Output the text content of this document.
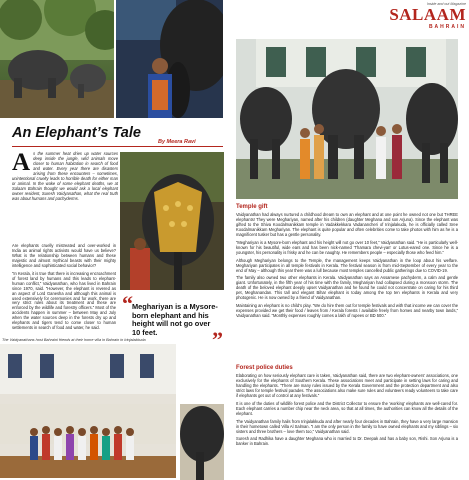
Inside and out Magazine
SALAAM
BAHRAIN
An Elephant’s Tale
By Meera Ravi
A s the summer heat dries up water sources deep inside the jungle, wild animals move closer to human habitation in search of food and water. Every year there are disasters arising from these encounters – sometimes, unintentional cruelty leads to horrible death for either man or animal. In the wake of some elephant deaths, we at Salaam Bahrain thought we would ask a local elephant owner resident, Suresh Vaidyanathan, what the real truth was about humans and pachyderms.

Are elephants cruelly mistreated and over-worked in India as animal rights activists would have us believe? What is the relationship between humans and these majestic and almost mythical beasts with their mighty intelligence and sophisticated social behavior?

“In Kerala, it is true that there is increasing encroachment of forest land by humans and this leads to elephant-human conflict,” Vaidyanathan, who has lived in Bahrain since 1970, said. “However, the elephant is revered as an aspect of Lord Ganesha and although this animal is used extensively for ceremonies and for work, there are very strict rules about its treatment and these are enforced by the wildlife and forestry officers.” Most of the accidents happen in summer – between May and July when the water sources deep in the forests dry up and elephants and tigers tend to come closer to human settlements in search of food and water, he said.

“ Meghariyan is a Mysore-born elephant and his height will not go over 10 feet.	”
The Vaidyanathans host Bahraini friends at their home villa in Bahrain in Irinjalakkuda
Temple gift

Vaidyanathan had always nurtured a childhood dream to own an elephant and at one point he owned not one but THREE elephants! They were Meghariyan, named after his children (daughter Meghana and son Arjuna). Since the elephant was gifted to the Shiva Koodalmanikkam temple in Vadakkekkara Vadanancheri of Irinjalakuda, he is officially called Sree Koodalmanikkam Meghariyan. The elephant is quite popular and often celebrities come to take photos with him as he is a magnificent tusker but has a gentle personality.

“Meghariyan is a Mysore-born elephant and his height will not go over 10 feet,” Vaidyanathan said. “He is particularly well-known for his beautiful, wide ears and has been nick-named ‘Thamara chevi-yan’ or Lotus-eared one. Since he is a youngster, his personality is frisky and he can be naughty. He remembers people – especially those who feed him.”

Although Meghariyan belongs to the Temple, the management keeps Vaidyanathan in the loop about his welfare. Meghariyan participates in all temple festivals in Kerala. The festival season is from mid-September of every year to the end of May – although this year there was a lull because most temples cancelled public gatherings due to COVID-19.

The family also owned two other elephants in Kerala. Vaidyanathan says an Assamese pachyderm, a calm and gentle giant. Unfortunately, in the fifth year of his time with the family, Meghariyan had collapsed during a monsoon storm. The death of the beloved elephant deeply upset Vaidyanathan and he found he could not concentrate on caring for his third pet, Meghanandan. This tall and elegant Bihar elephant is today among the top ten elephants in Kerala and very photogenic. He is now owned by a friend of Vaidyanathan.

Maintaining an elephant is no child’s play. “We do hire them out for temple festivals and with that income we can cover the expenses provided we get their food / leaves from / Kerala forests / available freely from homes and nearby town lands,” Vaidyanathan said. “Monthly expenses roughly comes a lakh of rupees or BD 500.”

Forest police duties

Elaborating on how seriously elephant care is taken, Vaidyanathan said, there are two elephant-owners’ associations, one exclusively for the elephants of Southern Kerala. These associations meet and participate in setting laws for caring and handling the elephants. “There are many rules issued by the Kerala Government and the protection department and also strict laws for temple festival parades. The associations also make sure rules and volunteers ready volunteers to take care if elephants get out of control at any festivals.”

It is one of the duties of wildlife forest police and the District Collector to ensure the ‘working’ elephants are well-cared for. Each elephant carries a number chip near the neck area, so that at all times, the authorities can know all the details of the elephant.

The Vaidyanathan family hails from Irinjalakkuda and after nearly four decades in Bahrain, they have a very large mansion in their hometown called Villa Al Salman. “I am the only person in the family to have owned elephants and my siblings – six sisters and three brothers – love them too,” Vaidyanathan said.

Suresh and Radhika have a daughter Meghana who is married to Dr. Deepak and has a baby son, Rishi. Son Arjuna is a banker in Bahrain.
